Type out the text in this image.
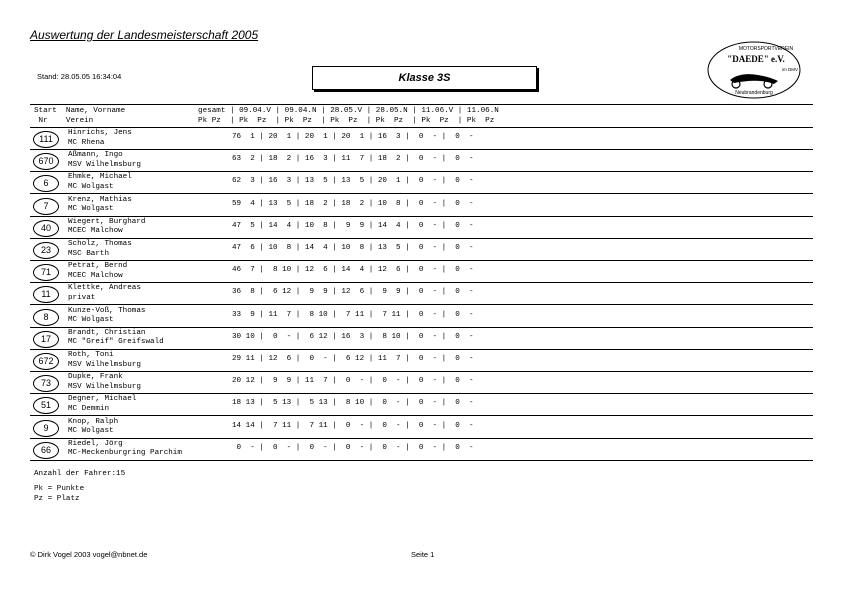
Auswertung der Landesmeisterschaft 2005
Stand: 28.05.05 16:34:04	Klasse 3S
MOTORSPORTVEREIN
"DAEDE" e.V.
im DMV
Neubrandenburg
Start  Name, Vorname                gesamt | 09.04.V | 09.04.N | 28.05.V | 28.05.N | 11.06.V | 11.06.N
Nr    Verein                       Pk Pz  | Pk  Pz  | Pk  Pz  | Pk  Pz  | Pk  Pz  | Pk  Pz  | Pk  Pz
111
Hinrichs, Jens
MC Rhena
76  1 | 20  1 | 20  1 | 20  1 | 16  3 |  0  - |  0  -
670
Aßmann, Ingo
MSV Wilhelmsburg
63  2 | 18  2 | 16  3 | 11  7 | 18  2 |  0  - |  0  -
6
Ehmke, Michael
MC Wolgast
62  3 | 16  3 | 13  5 | 13  5 | 20  1 |  0  - |  0  -
7
Krenz, Mathias
MC Wolgast
59  4 | 13  5 | 18  2 | 18  2 | 10  8 |  0  - |  0  -
40
Wiegert, Burghard
MCEC Malchow
47  5 | 14  4 | 10  8 |  9  9 | 14  4 |  0  - |  0  -
23
Scholz, Thomas
MSC Barth
47  6 | 10  8 | 14  4 | 10  8 | 13  5 |  0  - |  0  -
71
Petrat, Bernd
MCEC Malchow
46  7 |  8 10 | 12  6 | 14  4 | 12  6 |  0  - |  0  -
11
Klettke, Andreas
privat
36  8 |  6 12 |  9  9 | 12  6 |  9  9 |  0  - |  0  -
8
Kunze-Voß, Thomas
MC Wolgast
33  9 | 11  7 |  8 10 |  7 11 |  7 11 |  0  - |  0  -
17
Brandt, Christian
MC "Greif" Greifswald
30 10 |  0  - |  6 12 | 16  3 |  8 10 |  0  - |  0  -
672
Roth, Toni
MSV Wilhelmsburg
29 11 | 12  6 |  0  - |  6 12 | 11  7 |  0  - |  0  -
73
Dupke, Frank
MSV Wilhelmsburg
20 12 |  9  9 | 11  7 |  0  - |  0  - |  0  - |  0  -
51
Degner, Michael
MC Demmin
18 13 |  5 13 |  5 13 |  8 10 |  0  - |  0  - |  0  -
9
Knop, Ralph
MC Wolgast
14 14 |  7 11 |  7 11 |  0  - |  0  - |  0  - |  0  -
66
Riedel, Jörg
MC-Meckenburgring Parchim
0  - |  0  - |  0  - |  0  - |  0  - |  0  - |  0  -
Anzahl der Fahrer:15
Pk = Punkte
Pz = Platz
© Dirk Vogel 2003 vogel@nbnet.de	Seite 1
